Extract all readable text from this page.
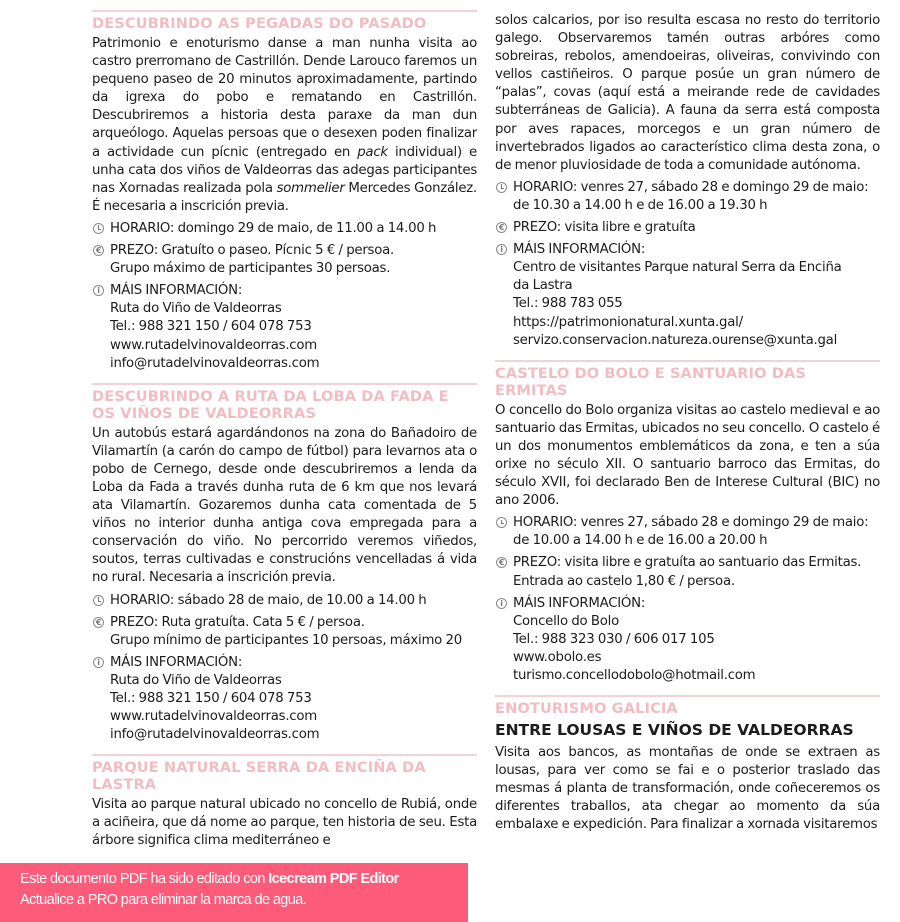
DESCUBRINDO AS PEGADAS DO PASADO

Patrimonio e enoturismo danse a man nunha visita ao castro prerromano de Castrillón. Dende Larouco faremos un pequeno paseo de 20 minutos aproximadamente, partindo da igrexa do pobo e rematando en Castrillón. Descubriremos a historia desta paraxe da man dun arqueólogo. Aquelas persoas que o desexen poden finalizar a actividade cun pícnic (entregado en pack individual) e unha cata dos viños de Valdeorras das adegas participantes nas Xornadas realizada pola sommelier Mercedes González. É necesaria a inscrición previa.

HORARIO: domingo 29 de maio, de 11.00 a 14.00 h
€ PREZO: Gratuíto o paseo. Pícnic 5 € / persoa.
Grupo máximo de participantes 30 persoas.
i MÁIS INFORMACIÓN:
Ruta do Viño de Valdeorras
Tel.: 988 321 150 / 604 078 753
www.rutadelvinovaldeorras.com
info@rutadelvinovaldeorras.com
DESCUBRINDO A RUTA DA LOBA DA FADA E OS VIÑOS DE VALDEORRAS

Un autobús estará agardándonos na zona do Bañadoiro de Vilamartín (a carón do campo de fútbol) para levarnos ata o pobo de Cernego, desde onde descubriremos a lenda da Loba da Fada a través dunha ruta de 6 km que nos levará ata Vilamartín. Gozaremos dunha cata comentada de 5 viños no interior dunha antiga cova empregada para a conservación do viño. No percorrido veremos viñedos, soutos, terras cultivadas e construcións vencelladas á vida no rural. Necesaria a inscrición previa.

HORARIO: sábado 28 de maio, de 10.00 a 14.00 h
€ PREZO: Ruta gratuíta. Cata 5 € / persoa.
Grupo mínimo de participantes 10 persoas, máximo 20
i MÁIS INFORMACIÓN:
Ruta do Viño de Valdeorras
Tel.: 988 321 150 / 604 078 753
www.rutadelvinovaldeorras.com
info@rutadelvinovaldeorras.com
PARQUE NATURAL SERRA DA ENCIÑA DA LASTRA

Visita ao parque natural ubicado no concello de Rubiá, onde a aciñeira, que dá nome ao parque, ten historia de seu. Esta árbore significa clima mediterráneo e

Este documento PDF ha sido editado con Icecream PDF Editor
Actualice a PRO para eliminar la marca de agua.

solos calcarios, por iso resulta escasa no resto do territorio galego. Observaremos tamén outras arbóres como sobreiras, rebolos, amendoeiras, oliveiras, convivindo con vellos castiñeiros. O parque posúe un gran número de “palas”, covas (aquí está a meirande rede de cavidades subterráneas de Galicia). A fauna da serra está composta por aves rapaces, morcegos e un gran número de invertebrados ligados ao característico clima desta zona, o de menor pluviosidade de toda a comunidade autónoma.

HORARIO: venres 27, sábado 28 e domingo 29 de maio:
de 10.30 a 14.00 h e de 16.00 a 19.30 h
€ PREZO: visita libre e gratuíta
i MÁIS INFORMACIÓN:
Centro de visitantes Parque natural Serra da Enciña
da Lastra
Tel.: 988 783 055
https://patrimonionatural.xunta.gal/
servizo.conservacion.natureza.ourense@xunta.gal
CASTELO DO BOLO E SANTUARIO DAS ERMITAS

O concello do Bolo organiza visitas ao castelo medieval e ao santuario das Ermitas, ubicados no seu concello. O castelo é un dos monumentos emblemáticos da zona, e ten a súa orixe no século XII. O santuario barroco das Ermitas, do século XVII, foi declarado Ben de Interese Cultural (BIC) no ano 2006.

HORARIO: venres 27, sábado 28 e domingo 29 de maio:
de 10.00 a 14.00 h e de 16.00 a 20.00 h
€ PREZO: visita libre e gratuíta ao santuario das Ermitas.
Entrada ao castelo 1,80 € / persoa.
i MÁIS INFORMACIÓN:
Concello do Bolo
Tel.: 988 323 030 / 606 017 105
www.obolo.es
turismo.concellodobolo@hotmail.com
ENOTURISMO GALICIA
ENTRE LOUSAS E VIÑOS DE VALDEORRAS

Visita aos bancos, as montañas de onde se extraen as lousas, para ver como se fai e o posterior traslado das mesmas á planta de transformación, onde coñeceremos os diferentes traballos, ata chegar ao momento da súa embalaxe e expedición. Para finalizar a xornada visitaremos
